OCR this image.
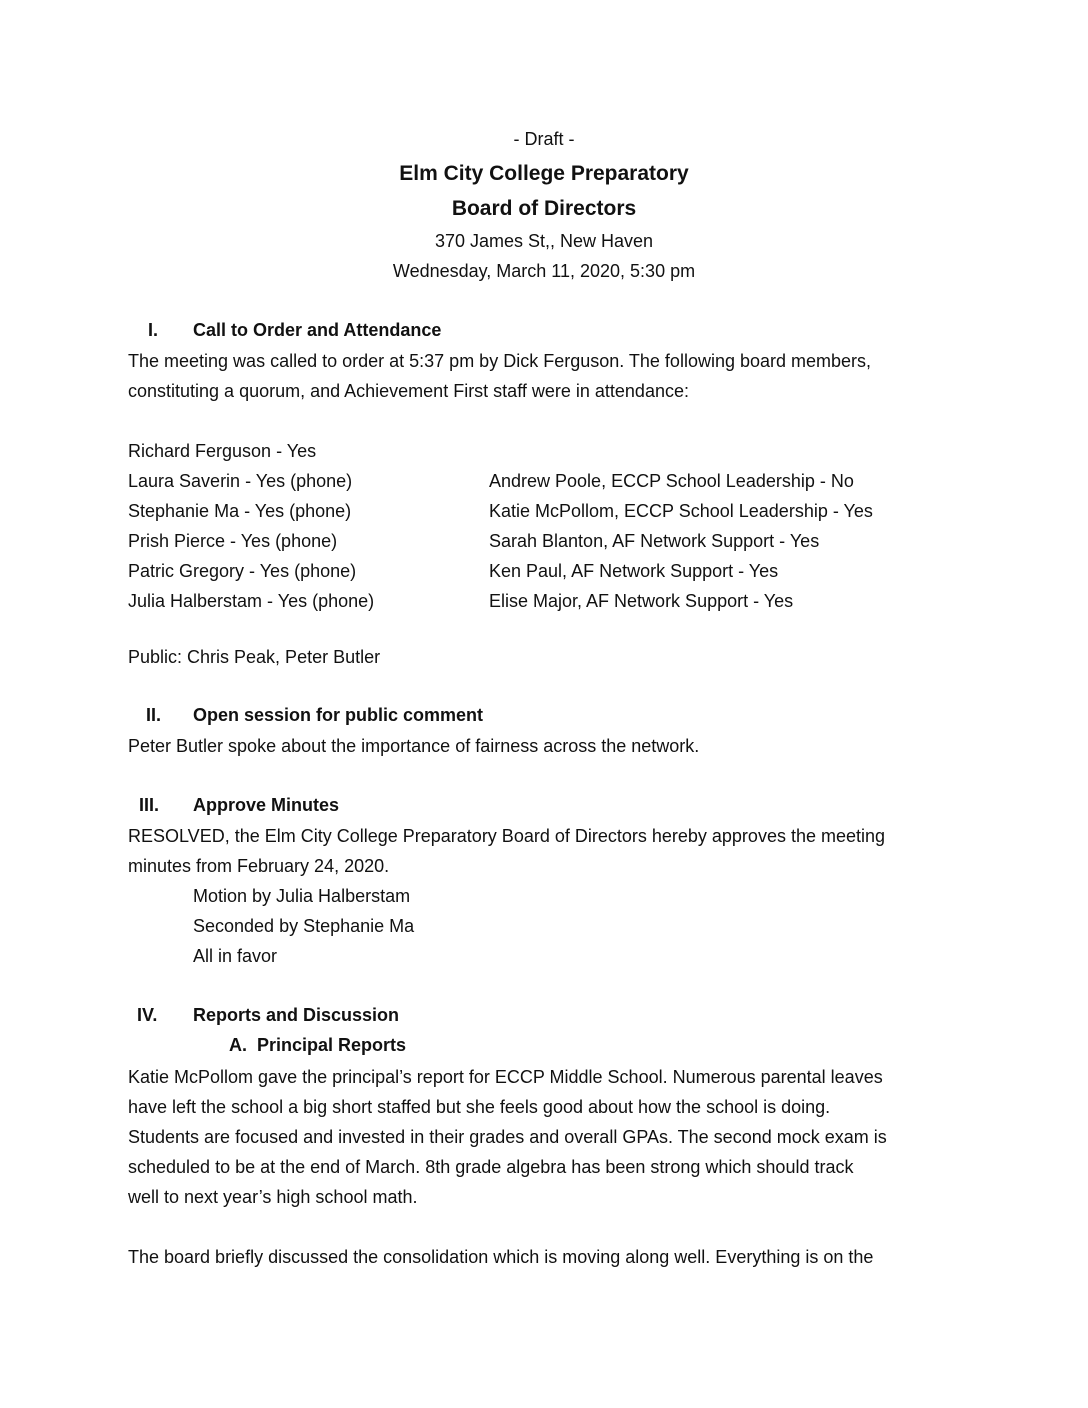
- Draft -
Elm City College Preparatory
Board of Directors
370 James St,, New Haven
Wednesday, March 11, 2020, 5:30 pm
I. Call to Order and Attendance
The meeting was called to order at 5:37 pm by Dick Ferguson. The following board members,
constituting a quorum, and Achievement First staff were in attendance:
Richard Ferguson - Yes
Laura Saverin - Yes (phone)
Stephanie Ma - Yes (phone)
Prish Pierce - Yes (phone)
Patric Gregory - Yes (phone)
Julia Halberstam - Yes (phone)
Andrew Poole, ECCP School Leadership - No
Katie McPollom, ECCP School Leadership - Yes
Sarah Blanton, AF Network Support - Yes
Ken Paul, AF Network Support - Yes
Elise Major, AF Network Support - Yes
Public: Chris Peak, Peter Butler
II. Open session for public comment
Peter Butler spoke about the importance of fairness across the network.
III. Approve Minutes
RESOLVED, the Elm City College Preparatory Board of Directors hereby approves the meeting
minutes from February 24, 2020.
Motion by Julia Halberstam
Seconded by Stephanie Ma
All in favor
IV. Reports and Discussion
A. Principal Reports
Katie McPollom gave the principal’s report for ECCP Middle School. Numerous parental leaves
have left the school a big short staffed but she feels good about how the school is doing.
Students are focused and invested in their grades and overall GPAs. The second mock exam is
scheduled to be at the end of March. 8th grade algebra has been strong which should track
well to next year’s high school math.
The board briefly discussed the consolidation which is moving along well. Everything is on the
